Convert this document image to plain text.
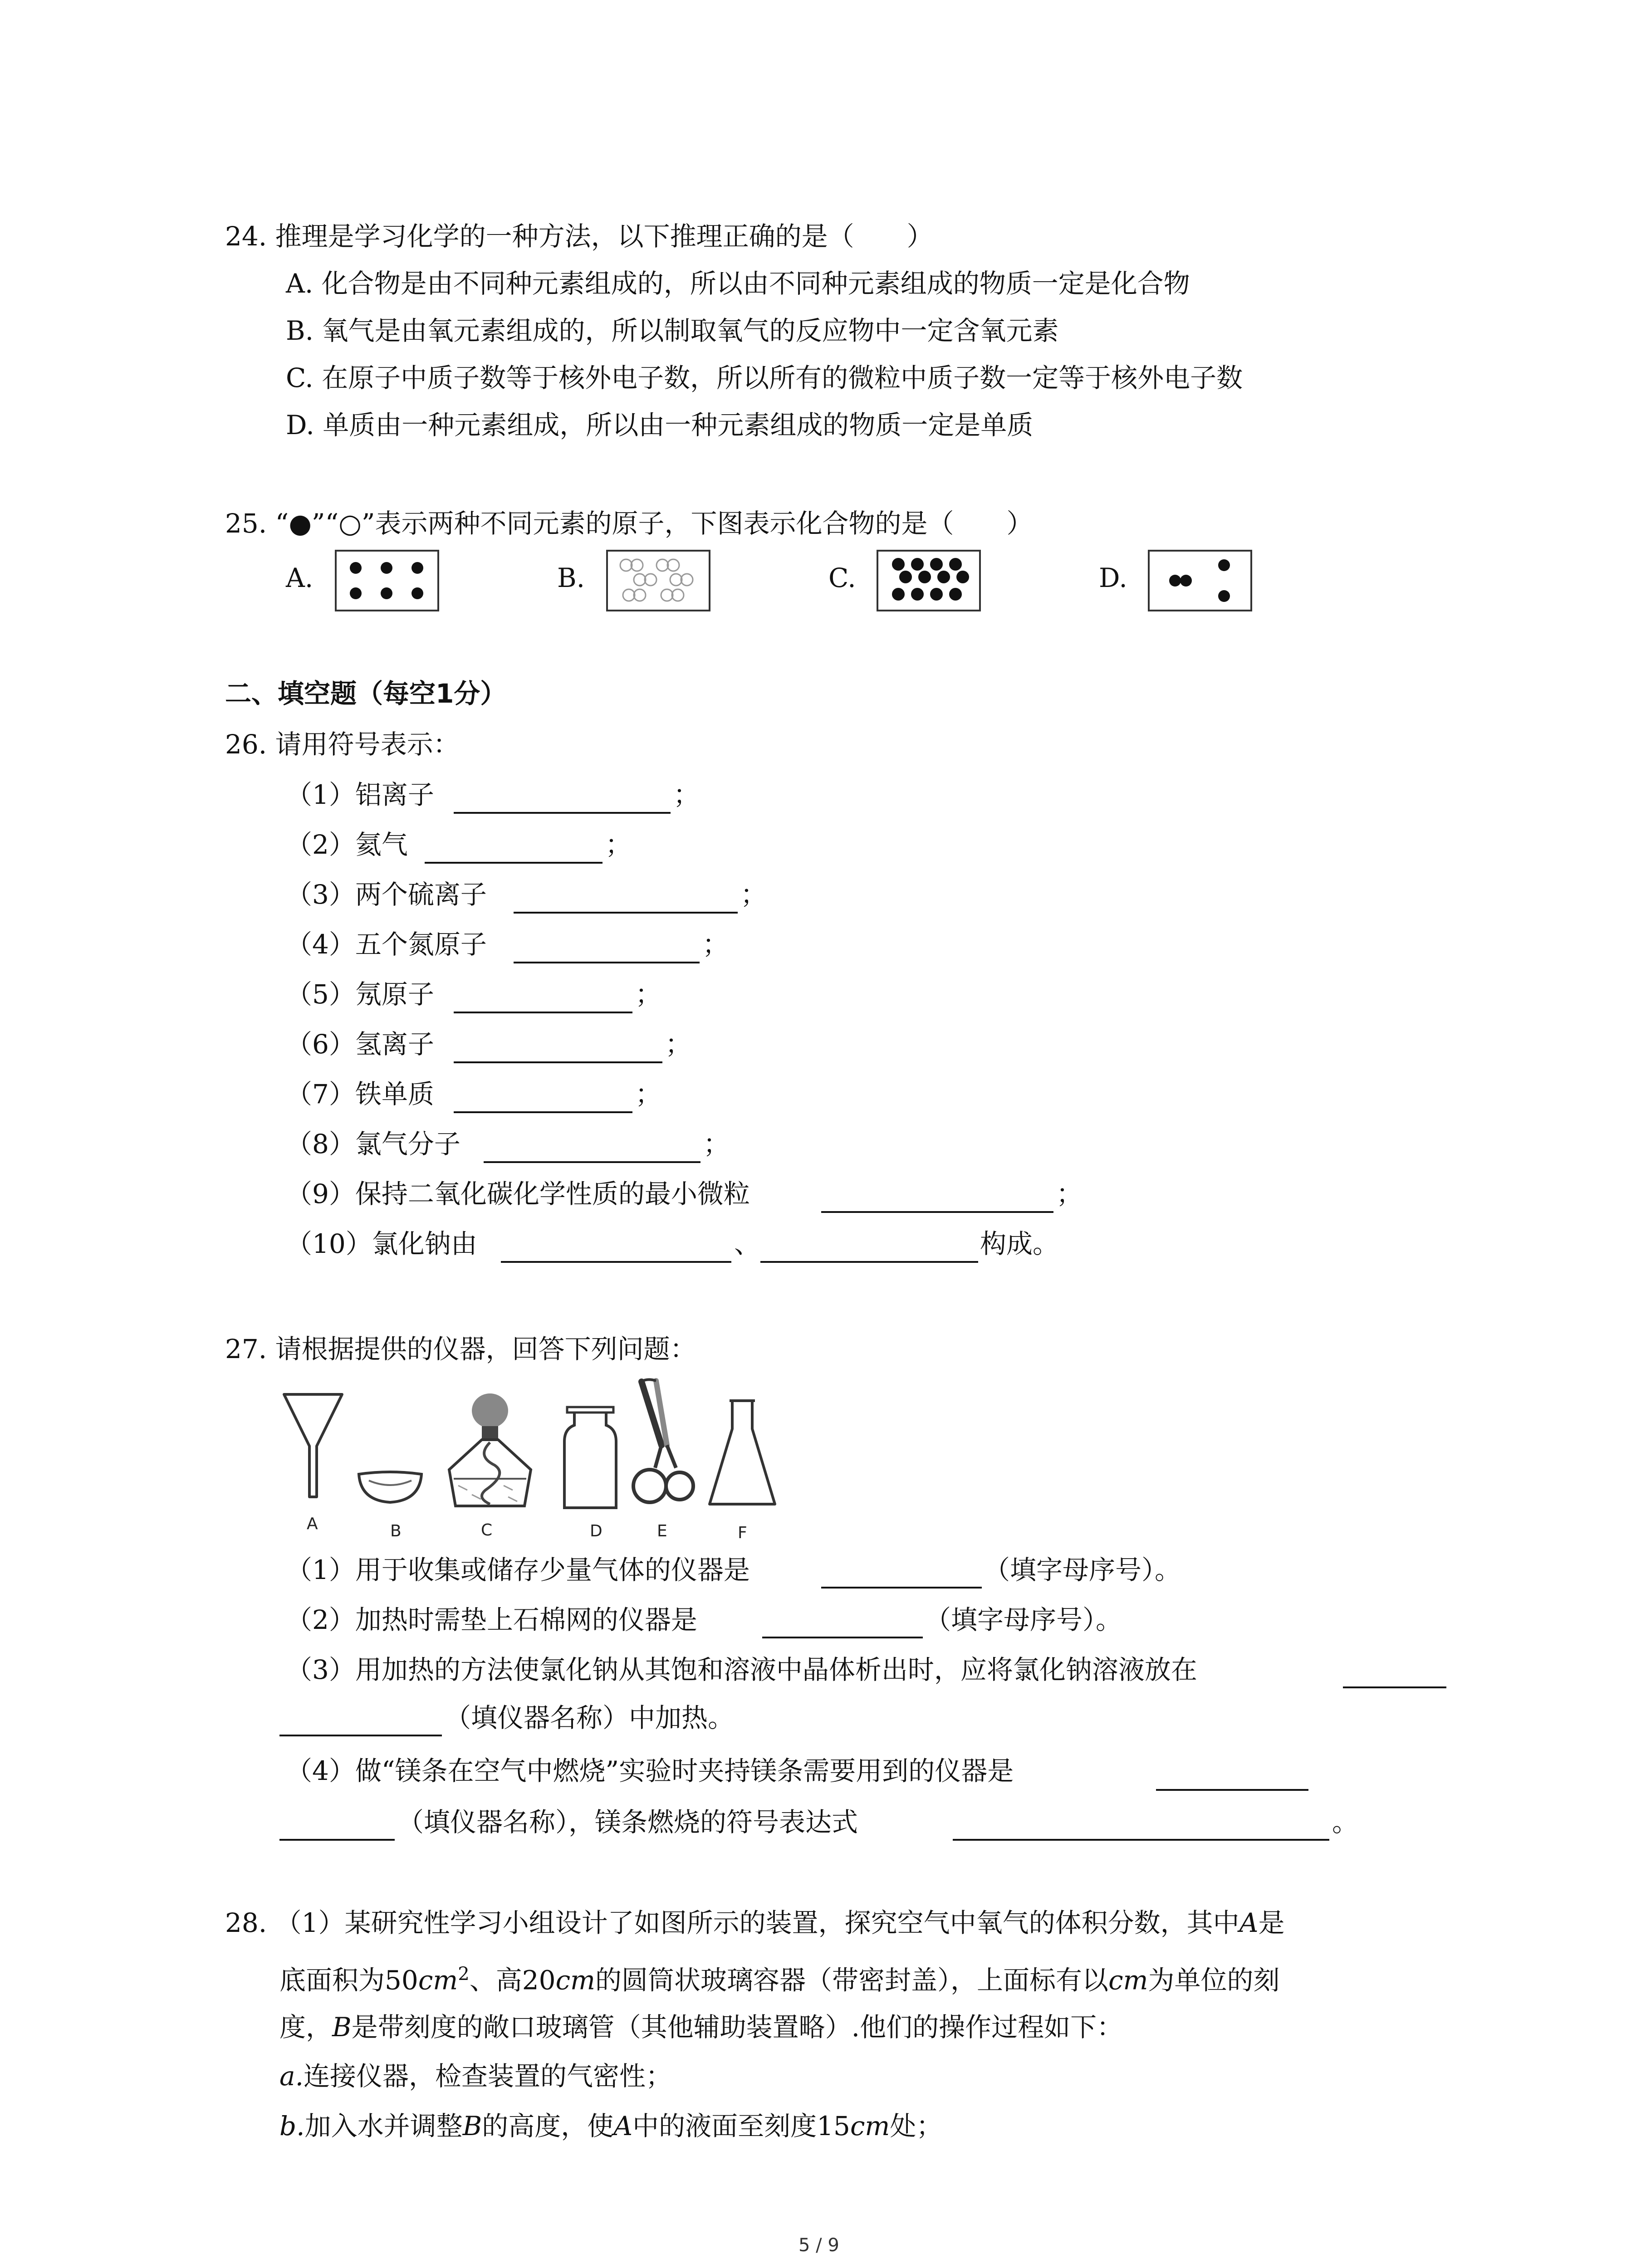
24. 推理是学习化学的一种方法，以下推理正确的是（　　）
A. 化合物是由不同种元素组成的，所以由不同种元素组成的物质一定是化合物
B. 氧气是由氧元素组成的，所以制取氧气的反应物中一定含氧元素
C. 在原子中质子数等于核外电子数，所以所有的微粒中质子数一定等于核外电子数
D. 单质由一种元素组成，所以由一种元素组成的物质一定是单质
25. “●”“○”表示两种不同元素的原子，下图表示化合物的是（　　）
A.	B.	C.	D.
二、填空题（每空1分）
26. 请用符号表示：
（1）铝离子	；
（2）氦气	；
（3）两个硫离子	；
（4）五个氮原子	；
（5）氖原子	；
（6）氢离子	；
（7）铁单质	；
（8）氯气分子	；
（9）保持二氧化碳化学性质的最小微粒	；
（10）氯化钠由	、	构成。
27. 请根据提供的仪器，回答下列问题：
A	B	C	D	E	F
（1）用于收集或储存少量气体的仪器是	（填字母序号）。
（2）加热时需垫上石棉网的仪器是	（填字母序号）。
（3）用加热的方法使氯化钠从其饱和溶液中晶体析出时，应将氯化钠溶液放在
（填仪器名称）中加热。
（4）做“镁条在空气中燃烧”实验时夹持镁条需要用到的仪器是
（填仪器名称），镁条燃烧的符号表达式	。
28. （1）某研究性学习小组设计了如图所示的装置，探究空气中氧气的体积分数，其中A是
底面积为$50cm^2$、高20cm的圆筒状玻璃容器（带密封盖），上面标有以cm为单位的刻
度，B是带刻度的敞口玻璃管（其他辅助装置略）.他们的操作过程如下：
a.连接仪器，检查装置的气密性；
b.加入水并调整B的高度，使A中的液面至刻度15cm处；
5 / 9
